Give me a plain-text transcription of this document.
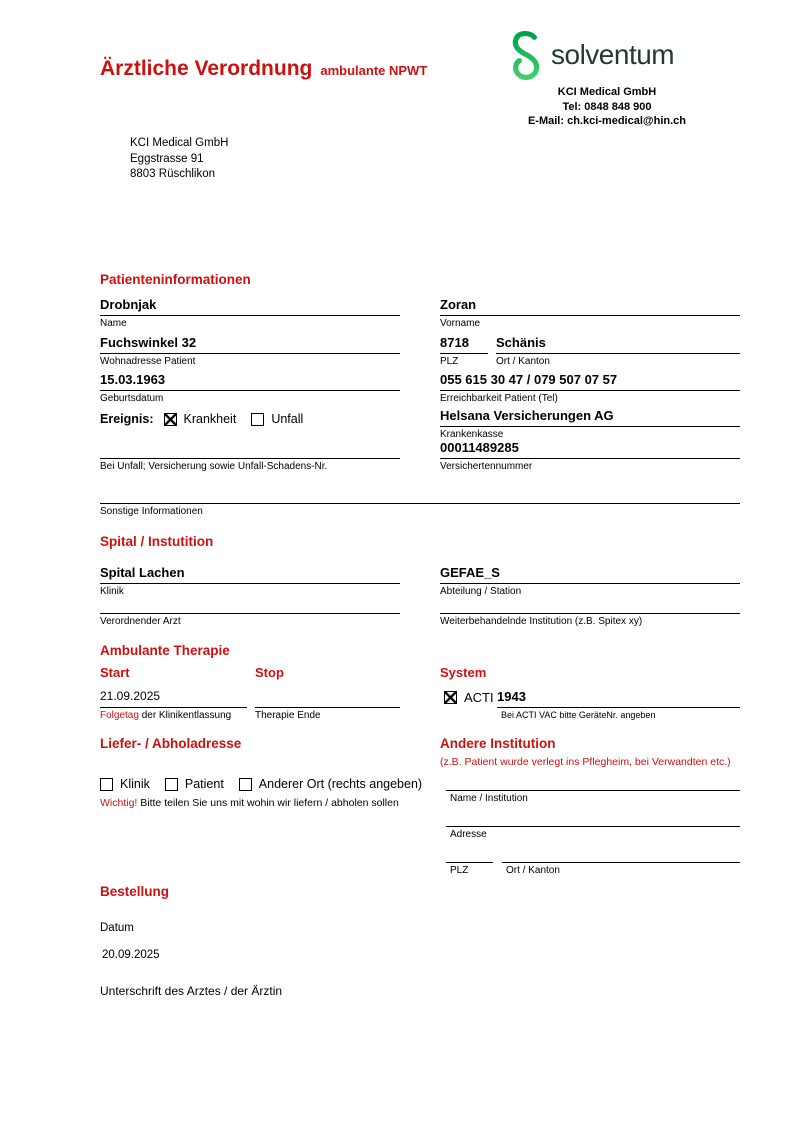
Ärztliche Verordnung ambulante NPWT
solventum
KCI Medical GmbH
Tel: 0848 848 900
E-Mail: ch.kci-medical@hin.ch
KCI Medical GmbH
Eggstrasse 91
8803 Rüschlikon
Patienteninformationen
Drobnjak
Name
Zoran
Vorname
Fuchswinkel 32
Wohnadresse Patient
8718
PLZ
Schänis
Ort / Kanton
15.03.1963
Geburtsdatum
055 615 30 47 / 079 507 07 57
Erreichbarkeit Patient (Tel)
Ereignis: Krankheit	Unfall	Helsana Versicherungen AG
Krankenkasse
Bei Unfall; Versicherung sowie Unfall-Schadens-Nr.
00011489285
Versichertennummer
Sonstige Informationen
Spital / Instutition
Spital Lachen
Klinik
GEFAE_S
Abteilung / Station
Verordnender Arzt	Weiterbehandelnde Institution (z.B. Spitex xy)
Ambulante Therapie
Start	Stop	System
21.09.2025
Folgetag der Klinikentlassung	Therapie Ende
ACTI 1943
Bei ACTI VAC bitte GeräteNr. angeben
Liefer- / Abholadresse
Klinik	Patient	Anderer Ort (rechts angeben)
Wichtig! Bitte teilen Sie uns mit wohin wir liefern / abholen sollen
Andere Institution
(z.B. Patient wurde verlegt ins Pflegheim, bei Verwandten etc.)
Name / Institution
Adresse
PLZ	Ort / Kanton
Bestellung
Datum
20.09.2025
Unterschrift des Arztes / der Ärztin
